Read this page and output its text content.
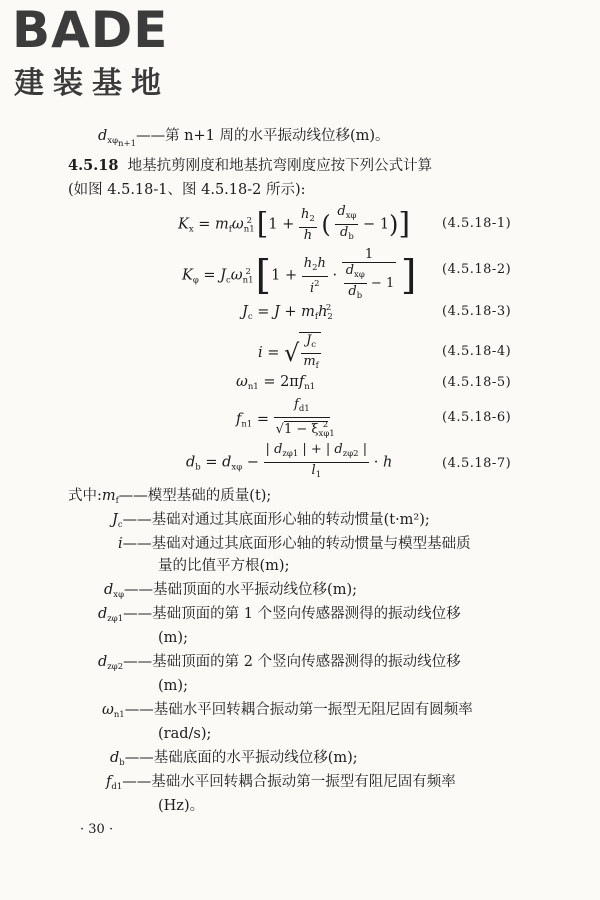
BADE
建装基地
$d_{x\varphi_{n+1}}——$第 n+1 周的水平振动线位移(m)。
4.5.18 地基抗剪刚度和地基抗弯刚度应按下列公式计算
(如图 4.5.18-1、图 4.5.18-2 所示):
$K_x = m_f\omega_{n1}^2$ [$1 + \frac{h_2}{h}$ ( $\frac{d_{x\varphi}}{d_b} - 1$)] (4.5.18-1)
$K_\varphi = J_c\omega_{n1}^2$ [$1 + \frac{h_2h}{i^2} \cdot \frac{1}{\frac{d_{x\varphi}}{d_b} - 1}$ ] (4.5.18-2)
$J_c = J + m_fh_2^2$	(4.5.18-3)
i = √ $\frac{J_c}{m_f}$	(4.5.18-4)
$\omega_{n1} = 2\pi f_{n1}$	(4.5.18-5)
$f_{n1} = \frac{f_{d1}}{√1 - \xi_{x\varphi 1}^2}$	(4.5.18-6)
$d_b = d_{x\varphi} - \frac{| d_{z\varphi 1} | + | d_{z\varphi 2} |}{l_1} \cdot h$	(4.5.18-7)
式中$:m_f——$模型基础的质量(t);
$J_c——$基础对通过其底面形心轴的转动惯量(t·m²);
i——基础对通过其底面形心轴的转动惯量与模型基础质
量的比值平方根(m);
$d_{x\varphi}——$基础顶面的水平振动线位移(m);
$d_{z\varphi 1}——$基础顶面的第 1 个竖向传感器测得的振动线位移
(m);
$d_{z\varphi 2}——$基础顶面的第 2 个竖向传感器测得的振动线位移
(m);
$\omega_{n1}——$基础水平回转耦合振动第一振型无阻尼固有圆频率
(rad/s);
$d_b——$基础底面的水平振动线位移(m);
$f_{d1}——$基础水平回转耦合振动第一振型有阻尼固有频率
(Hz)。
· 30 ·
